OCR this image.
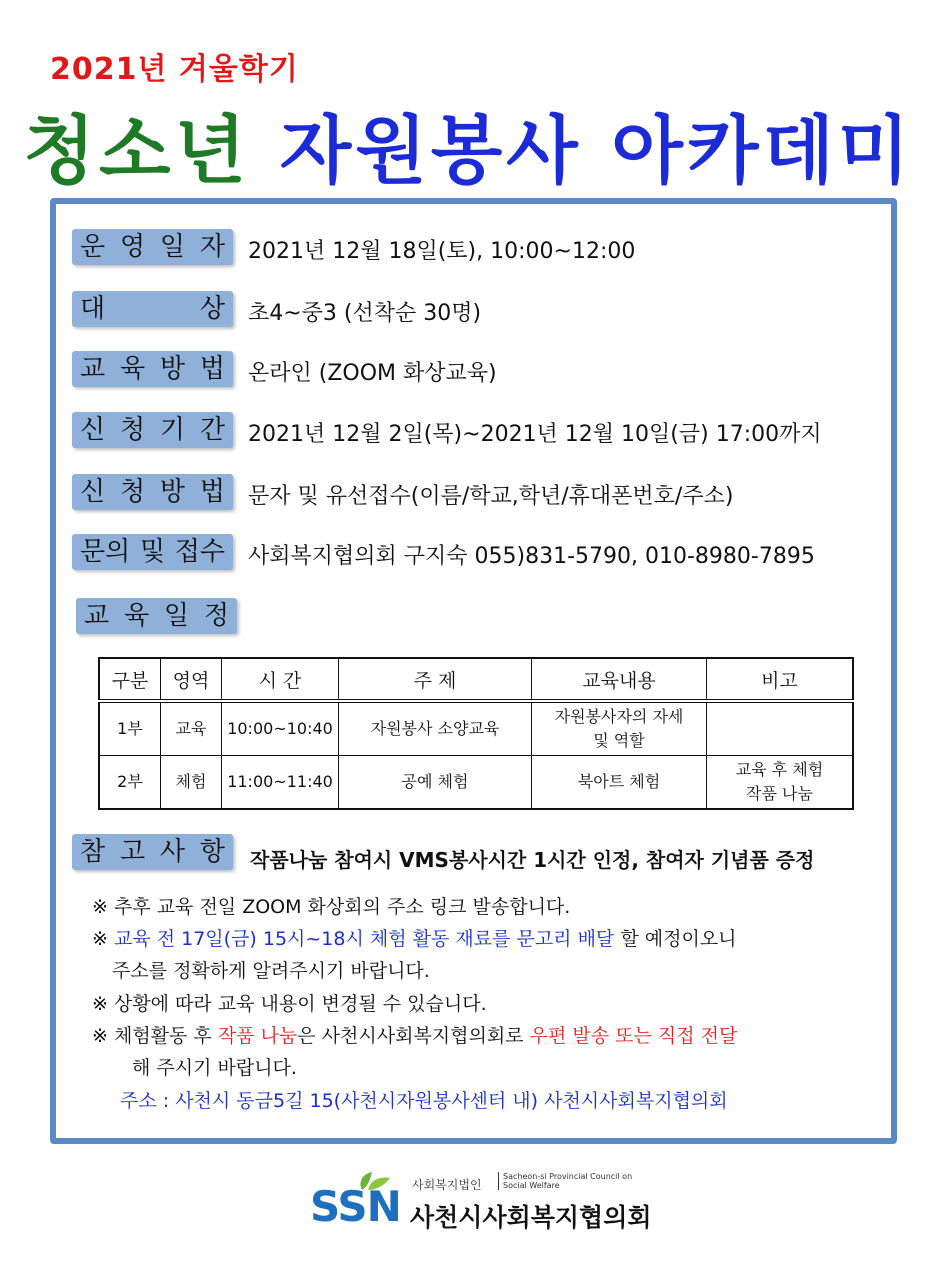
2021년 겨울학기
청소년 자원봉사 아카데미
운 영 일 자 2021년 12월 18일(토), 10:00~12:00
대	상 초4~중3 (선착순 30명)
교 육 방 법 온라인 (ZOOM 화상교육)
신 청 기 간 2021년 12월 2일(목)~2021년 12월 10일(금) 17:00까지
신 청 방 법 문자 및 유선접수(이름/학교,학년/휴대폰번호/주소)
문의 및 접수 사회복지협의회 구지숙 055)831-5790, 010-8980-7895
교 육 일 정
구분	영역	시 간	주 제	교육내용	비고
1부	교육	10:00~10:40	자원봉사 소양교육	자원봉사자의 자세
및 역할	
2부	체험	11:00~11:40	공예 체험	북아트 체험	교육 후 체험
작품 나눔
참 고 사 항 작품나눔 참여시 VMS봉사시간 1시간 인정, 참여자 기념품 증정
※ 추후 교육 전일 ZOOM 화상회의 주소 링크 발송합니다.
※ 교육 전 17일(금) 15시~18시 체험 활동 재료를 문고리 배달 할 예정이오니
주소를 정확하게 알려주시기 바랍니다.
※ 상황에 따라 교육 내용이 변경될 수 있습니다.
※ 체험활동 후 작품 나눔은 사천시사회복지협의회로 우편 발송 또는 직접 전달
해 주시기 바랍니다.
주소 : 사천시 동금5길 15(사천시자원봉사센터 내) 사천시사회복지협의회
SSN 사회복지법인
Sacheon-si Provincial Council on Social Welfare
사천시사회복지협의회
